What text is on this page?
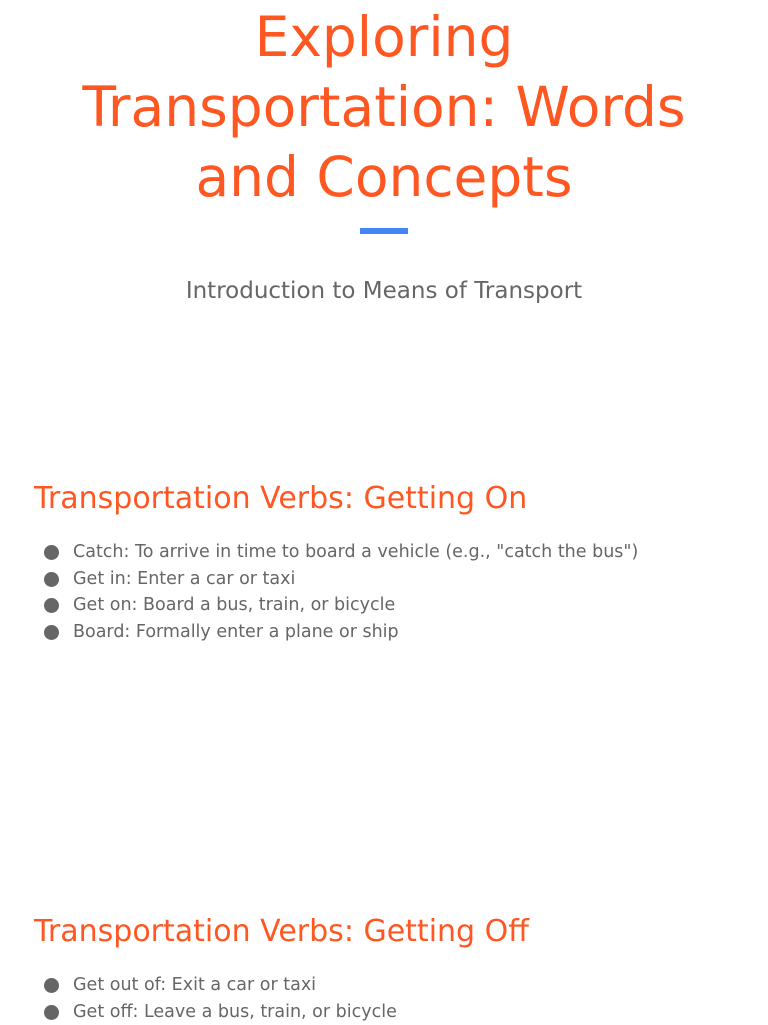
Exploring
Transportation: Words
and Concepts

Introduction to Means of Transport

Transportation Verbs: Getting On
Catch: To arrive in time to board a vehicle (e.g., "catch the bus")
Get in: Enter a car or taxi
Get on: Board a bus, train, or bicycle
Board: Formally enter a plane or ship
Transportation Verbs: Getting Off
Get out of: Exit a car or taxi
Get off: Leave a bus, train, or bicycle
